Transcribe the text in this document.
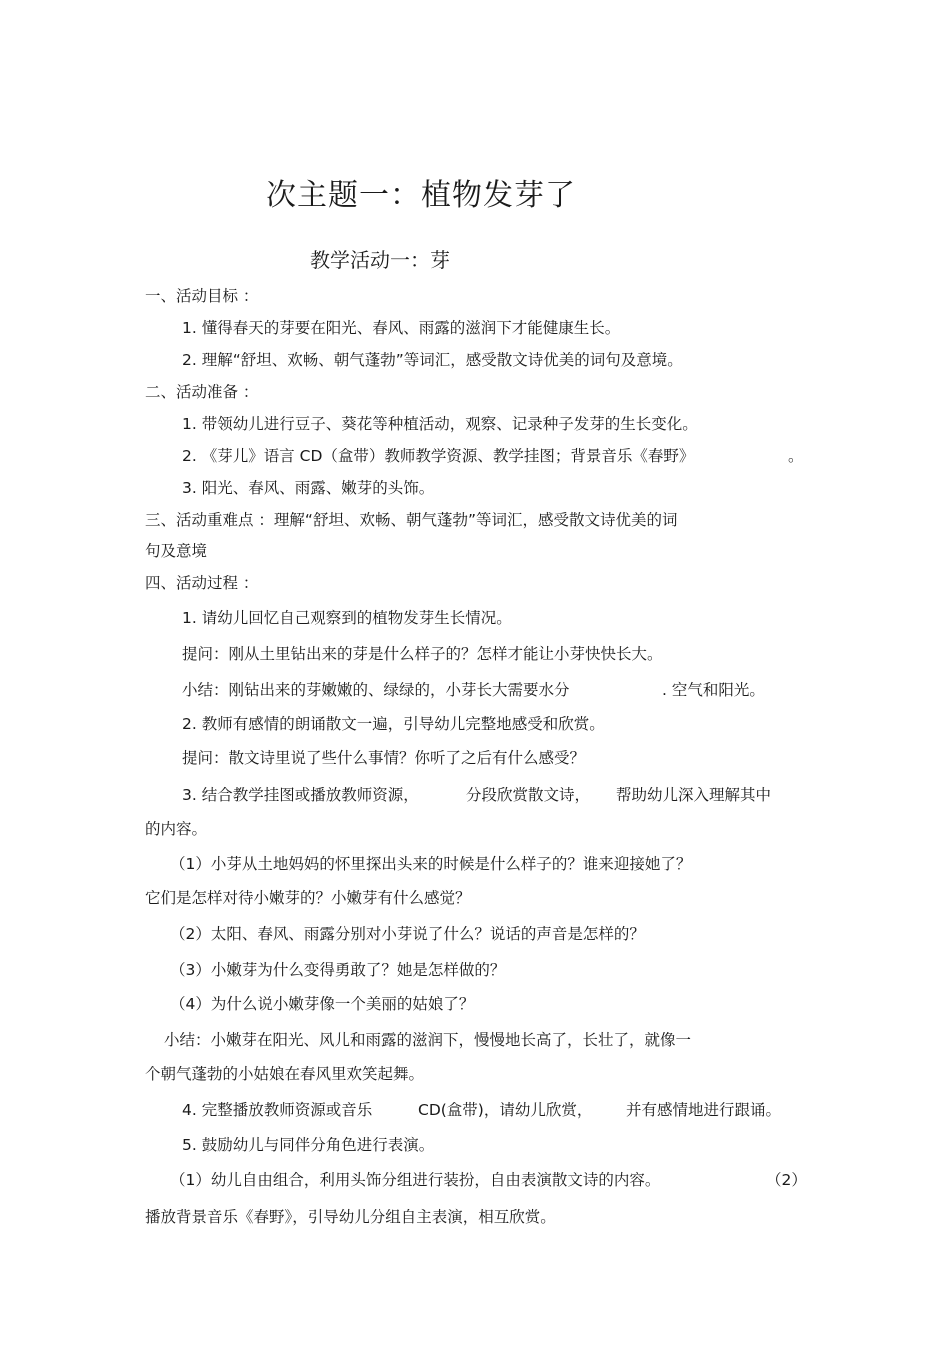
次主题一：植物发芽了
教学活动一：芽
一、活动目标 ：
1. 懂得春天的芽要在阳光、春风、雨露的滋润下才能健康生长。
2. 理解“舒坦、欢畅、朝气蓬勃”等词汇，感受散文诗优美的词句及意境。
二、活动准备 ：
1. 带领幼儿进行豆子、葵花等种植活动，观察、记录种子发芽的生长变化。
2. 《芽儿》语言 CD（盒带）教师教学资源、教学挂图；背景音乐《春野》	。
3. 阳光、春风、雨露、嫩芽的头饰。
三、活动重难点 ：理解“舒坦、欢畅、朝气蓬勃”等词汇，感受散文诗优美的词
句及意境
四、活动过程 ：
1. 请幼儿回忆自己观察到的植物发芽生长情况。
提问：刚从土里钻出来的芽是什么样子的？怎样才能让小芽快快长大。
小结：刚钻出来的芽嫩嫩的、绿绿的，小芽长大需要水分	. 空气和阳光。
2. 教师有感情的朗诵散文一遍，引导幼儿完整地感受和欣赏。
提问：散文诗里说了些什么事情？你听了之后有什么感受？
3. 结合教学挂图或播放教师资源，	分段欣赏散文诗， 帮助幼儿深入理解其中
的内容。
（1）小芽从土地妈妈的怀里探出头来的时候是什么样子的？谁来迎接她了？
它们是怎样对待小嫩芽的？小嫩芽有什么感觉？
（2）太阳、春风、雨露分别对小芽说了什么？说话的声音是怎样的？
（3）小嫩芽为什么变得勇敢了？她是怎样做的？
（4）为什么说小嫩芽像一个美丽的姑娘了？
小结：小嫩芽在阳光、风儿和雨露的滋润下，慢慢地长高了，长壮了，就像一
个朝气蓬勃的小姑娘在春风里欢笑起舞。
4. 完整播放教师资源或音乐	CD(盒带)，请幼儿欣赏， 并有感情地进行跟诵。
5. 鼓励幼儿与同伴分角色进行表演。
（1）幼儿自由组合，利用头饰分组进行装扮，自由表演散文诗的内容。	（2）
播放背景音乐《春野》，引导幼儿分组自主表演，相互欣赏。
